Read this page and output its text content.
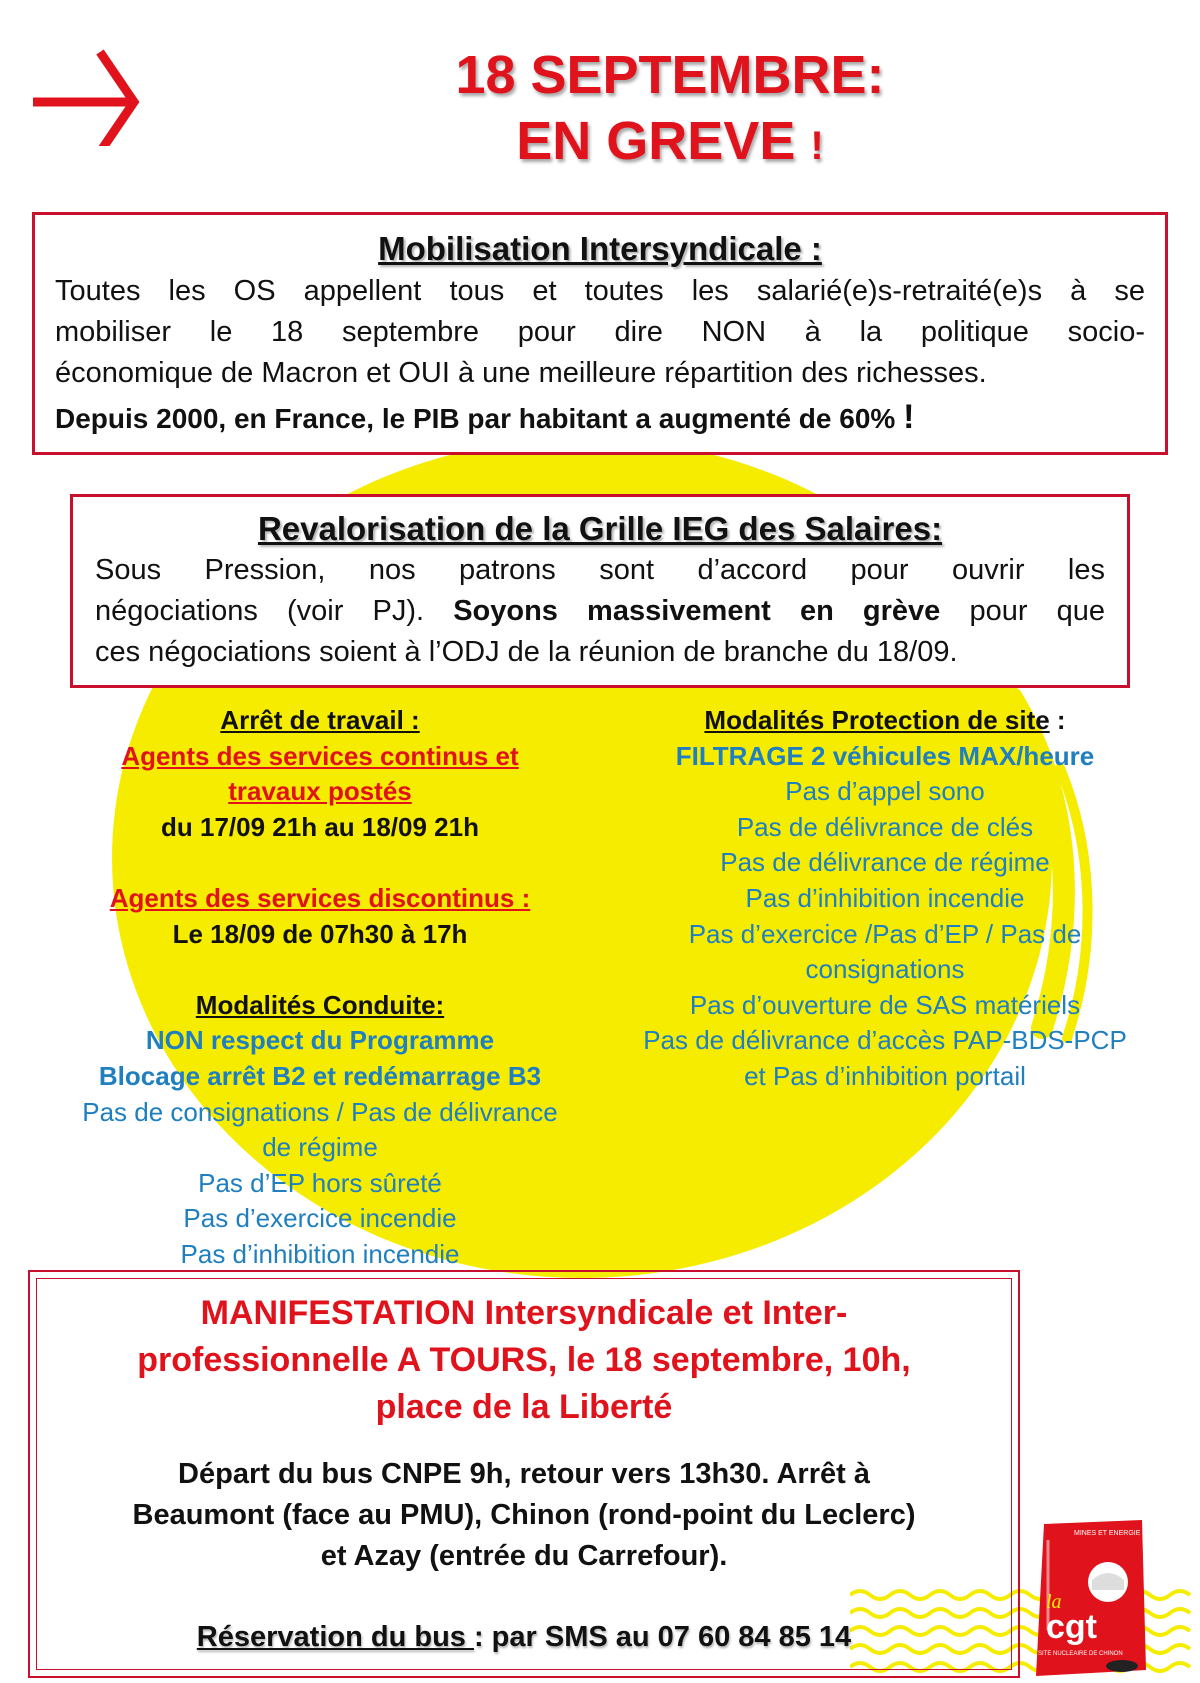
18 SEPTEMBRE:
EN GREVE !
Mobilisation Intersyndicale :
Toutes les OS appellent tous et toutes les salarié(e)s-retraité(e)s à se
mobiliser le 18 septembre pour dire NON à la politique socio-
économique de Macron et OUI à une meilleure répartition des richesses.
Depuis 2000, en France, le PIB par habitant a augmenté de 60% !
Revalorisation de la Grille IEG des Salaires:
Sous Pression, nos patrons sont d’accord pour ouvrir les
négociations (voir PJ). Soyons massivement en grève pour que
ces négociations soient à l’ODJ de la réunion de branche du 18/09.
Arrêt de travail :
Agents des services continus et
travaux postés
du 17/09 21h au 18/09 21h
Agents des services discontinus :
Le 18/09 de 07h30 à 17h
Modalités Conduite:
NON respect du Programme
Blocage arrêt B2 et redémarrage B3
Pas de consignations / Pas de délivrance
de régime
Pas d’EP hors sûreté
Pas d’exercice incendie
Pas d’inhibition incendie
Modalités Protection de site :
FILTRAGE 2 véhicules MAX/heure
Pas d’appel sono
Pas de délivrance de clés
Pas de délivrance de régime
Pas d’inhibition incendie
Pas d’exercice /Pas d’EP / Pas de
consignations
Pas d’ouverture de SAS matériels
Pas de délivrance d’accès PAP-BDS-PCP
et Pas d’inhibition portail
MANIFESTATION Intersyndicale et Inter-
professionnelle A TOURS, le 18 septembre, 10h,
place de la Liberté
Départ du bus CNPE 9h, retour vers 13h30. Arrêt à
Beaumont (face au PMU), Chinon (rond-point du Leclerc)
et Azay (entrée du Carrefour).
Réservation du bus : par SMS au 07 60 84 85 14
MINES ET ENERGIE
la
cgt
SITE NUCLEAIRE DE CHINON
